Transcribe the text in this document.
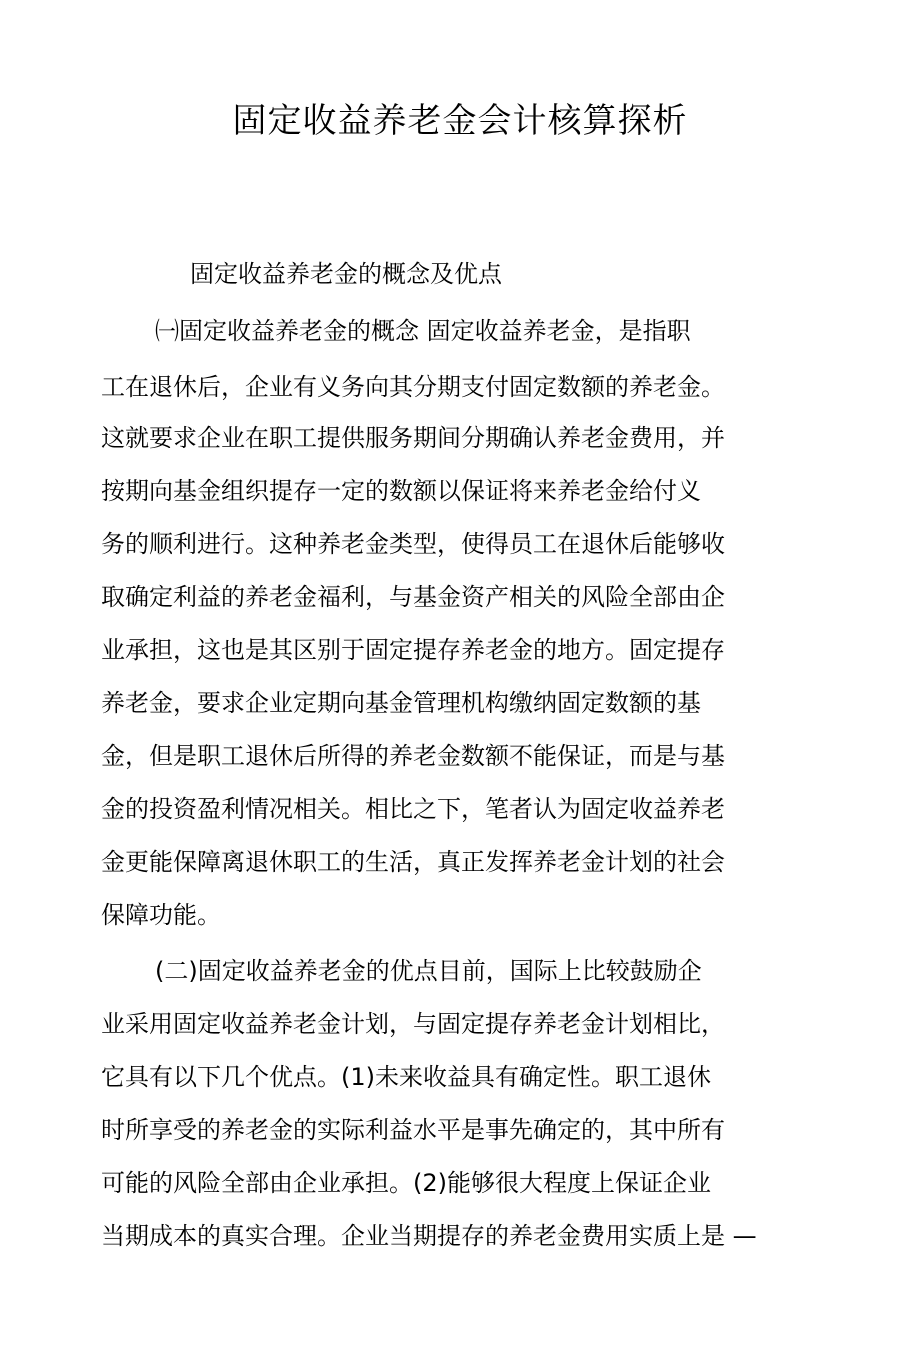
固定收益养老金会计核算探析
固定收益养老金的概念及优点
㈠固定收益养老金的概念 固定收益养老金，是指职
工在退休后，企业有义务向其分期支付固定数额的养老金。
这就要求企业在职工提供服务期间分期确认养老金费用，并
按期向基金组织提存一定的数额以保证将来养老金给付义
务的顺利进行。这种养老金类型，使得员工在退休后能够收
取确定利益的养老金福利，与基金资产相关的风险全部由企
业承担，这也是其区别于固定提存养老金的地方。固定提存
养老金，要求企业定期向基金管理机构缴纳固定数额的基
金，但是职工退休后所得的养老金数额不能保证，而是与基
金的投资盈利情况相关。相比之下，笔者认为固定收益养老
金更能保障离退休职工的生活，真正发挥养老金计划的社会
保障功能。
(二)固定收益养老金的优点目前，国际上比较鼓励企
业采用固定收益养老金计划，与固定提存养老金计划相比，
它具有以下几个优点。(1)未来收益具有确定性。职工退休
时所享受的养老金的实际利益水平是事先确定的，其中所有
可能的风险全部由企业承担。(2)能够很大程度上保证企业
当期成本的真实合理。企业当期提存的养老金费用实质上是 —
